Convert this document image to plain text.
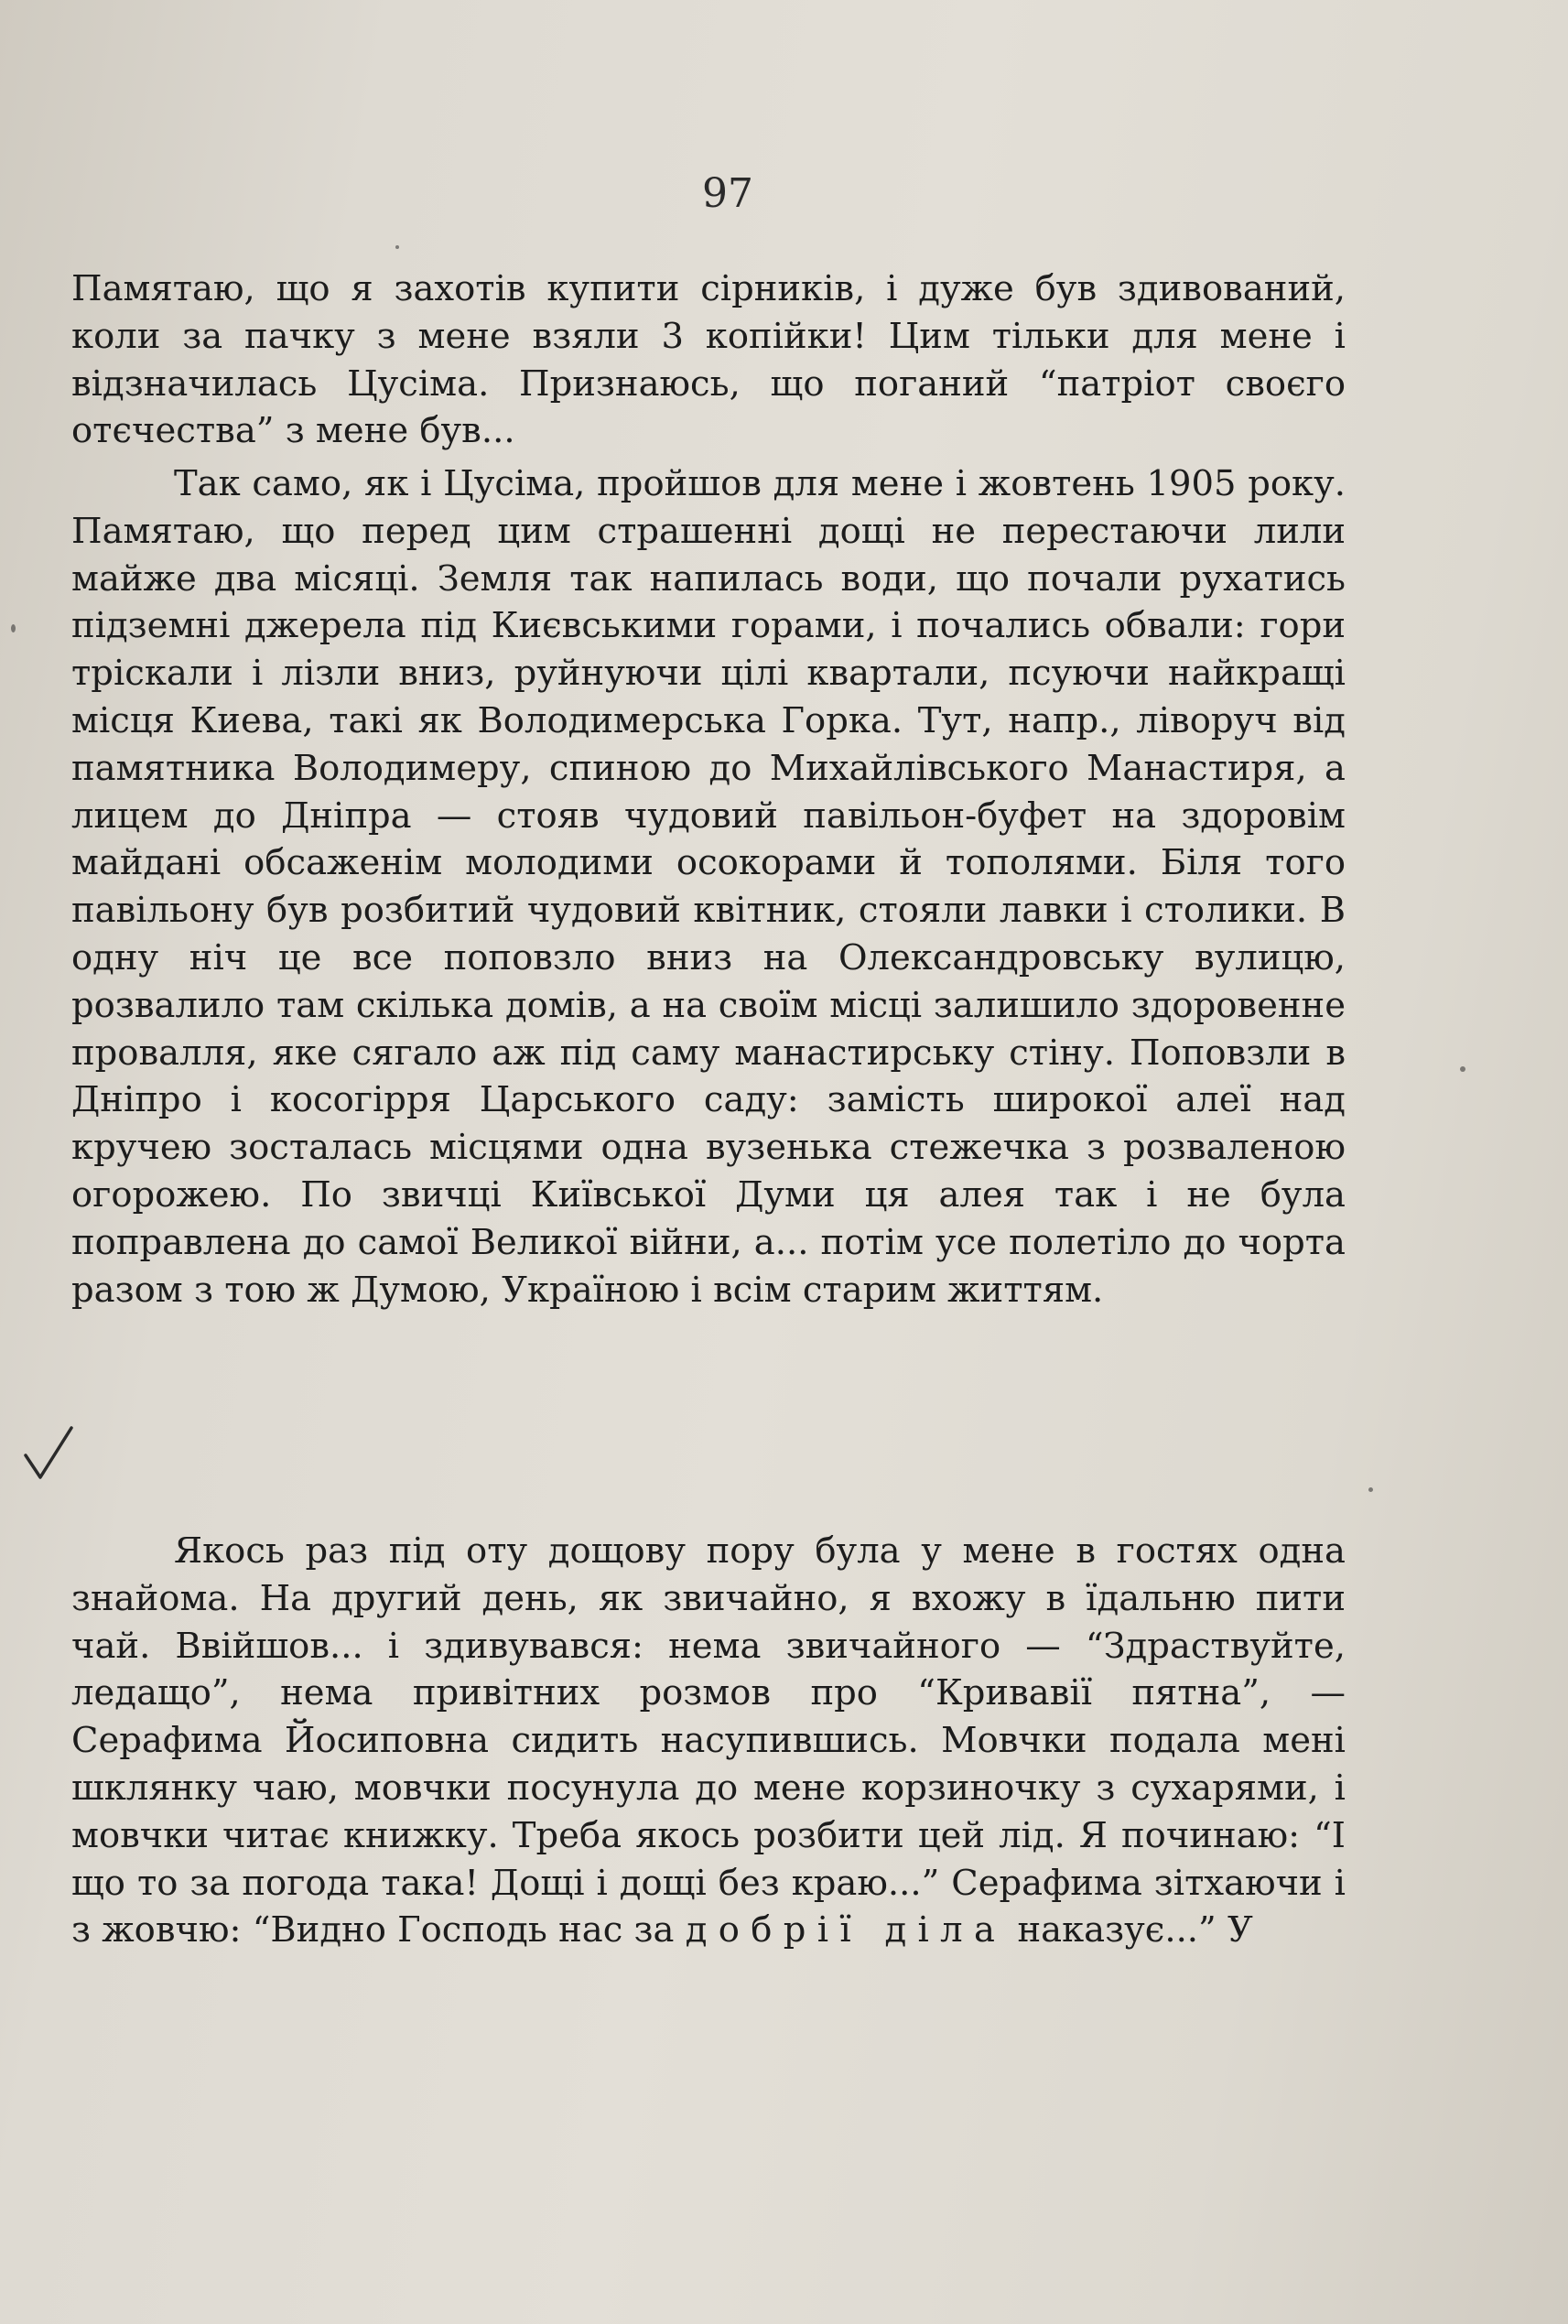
97

Памятаю, що я захотів купити сірників, і дуже був здивований, коли за пачку з мене взяли 3 копійки! Цим тільки для мене і відзначилась Цусіма. Признаюсь, що поганий “патріот своєго отєчества” з мене був...

Так само, як і Цусіма, пройшов для мене і жовтень 1905 року. Памятаю, що перед цим страшенні дощі не перестаючи лили майже два місяці. Земля так напилась води, що почали рухатись підземні джерела під Києвськими горами, і почались обвали: гори тріскали і лізли вниз, руйнуючи цілі квартали, псуючи найкращі місця Киева, такі як Володимерська Горка. Тут, напр., ліворуч від памятника Володимеру, спиною до Михайлівського Манастиря, а лицем до Дніпра — стояв чудовий павільон-буфет на здоровім майдані обсаженім молодими осокорами й тополями. Біля того павільону був розбитий чудовий квітник, стояли лавки і столики. В одну ніч це все поповзло вниз на Олександровську вулицю, розвалило там скілька домів, а на своїм місці залишило здоровенне провалля, яке сягало аж під саму манастирську стіну. Поповзли в Дніпро і косогірря Царського саду: замість широкої алеї над кручею зосталась місцями одна вузенька стежечка з розваленою огорожею. По звичці Київської Думи ця алея так і не була поправлена до самої Великої війни, а... потім усе полетіло до чорта разом з тою ж Думою, Україною і всім старим життям.

Якось раз під оту дощову пору була у мене в гостях одна знайома. На другий день, як звичайно, я вхожу в їдальню пити чай. Ввійшов... і здивувався: нема звичайного — “Здраствуйте, ледащо”, нема привітних розмов про “Кривавії пятна”, — Серафима Йосиповна сидить насупившись. Мовчки подала мені шклянку чаю, мовчки посунула до мене корзиночку з сухарями, і мовчки читає книжку. Треба якось розбити цей лід. Я починаю: “І що то за погода така! Дощі і дощі без краю...” Серафима зітхаючи і з жовчю: “Видно Господь нас за добрії діла наказує...” У
